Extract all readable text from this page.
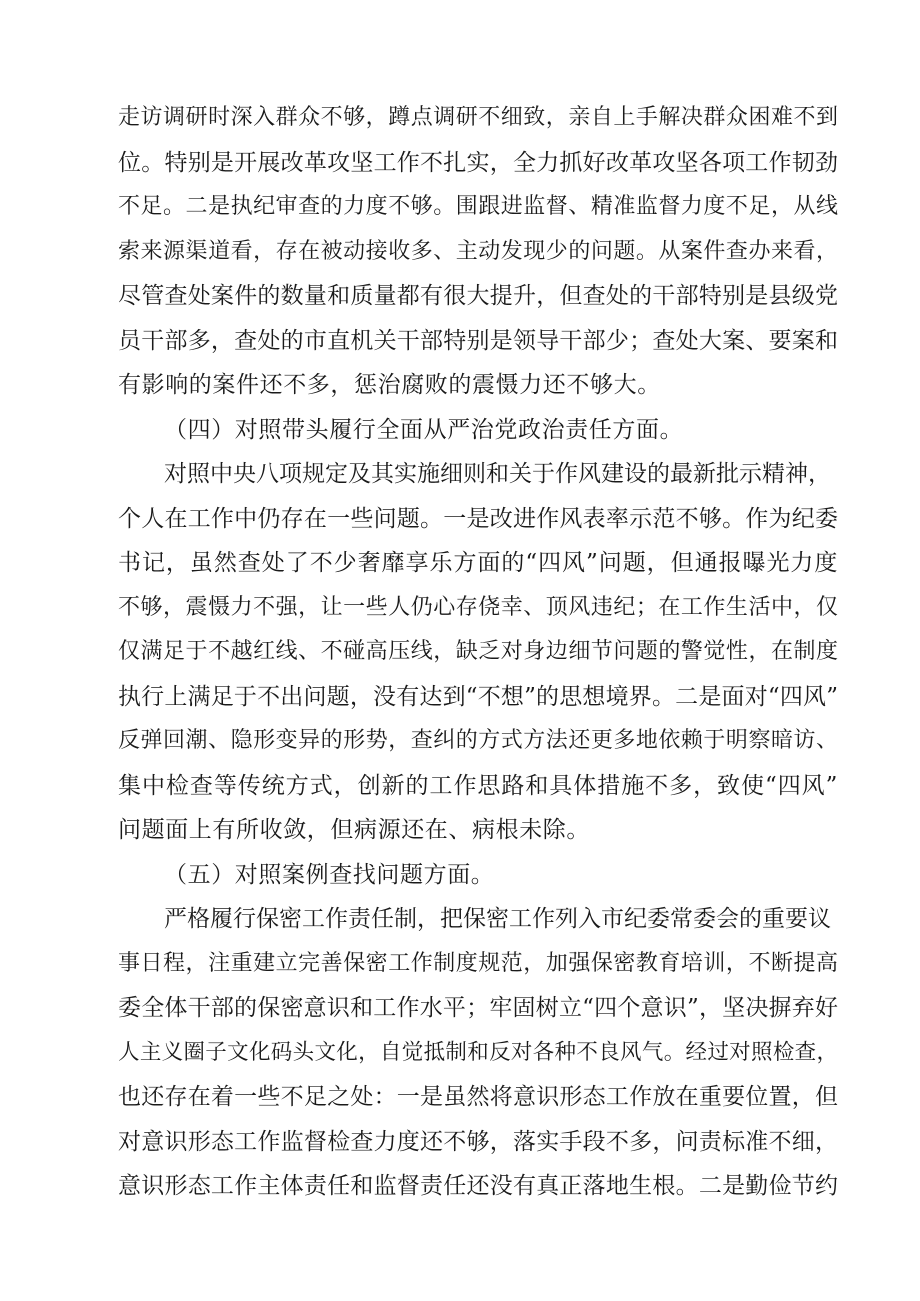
走访调研时深入群众不够，蹲点调研不细致，亲自上手解决群众困难不到
位。特别是开展改革攻坚工作不扎实，全力抓好改革攻坚各项工作韧劲
不足。二是执纪审查的力度不够。围跟进监督、精准监督力度不足，从线
索来源渠道看，存在被动接收多、主动发现少的问题。从案件查办来看，
尽管查处案件的数量和质量都有很大提升，但查处的干部特别是县级党
员干部多，查处的市直机关干部特别是领导干部少；查处大案、要案和
有影响的案件还不多，惩治腐败的震慑力还不够大。
（四）对照带头履行全面从严治党政治责任方面。
对照中央八项规定及其实施细则和关于作风建设的最新批示精神，
个人在工作中仍存在一些问题。一是改进作风表率示范不够。作为纪委
书记，虽然查处了不少奢靡享乐方面的“四风”问题，但通报曝光力度
不够，震慑力不强，让一些人仍心存侥幸、顶风违纪；在工作生活中，仅
仅满足于不越红线、不碰高压线，缺乏对身边细节问题的警觉性，在制度
执行上满足于不出问题，没有达到“不想”的思想境界。二是面对“四风”
反弹回潮、隐形变异的形势，查纠的方式方法还更多地依赖于明察暗访、
集中检查等传统方式，创新的工作思路和具体措施不多，致使“四风”
问题面上有所收敛，但病源还在、病根未除。
（五）对照案例查找问题方面。
严格履行保密工作责任制，把保密工作列入市纪委常委会的重要议
事日程，注重建立完善保密工作制度规范，加强保密教育培训，不断提高
委全体干部的保密意识和工作水平；牢固树立“四个意识”，坚决摒弃好
人主义圈子文化码头文化，自觉抵制和反对各种不良风气。经过对照检查，
也还存在着一些不足之处：一是虽然将意识形态工作放在重要位置，但
对意识形态工作监督检查力度还不够，落实手段不多，问责标准不细，
意识形态工作主体责任和监督责任还没有真正落地生根。二是勤俭节约
